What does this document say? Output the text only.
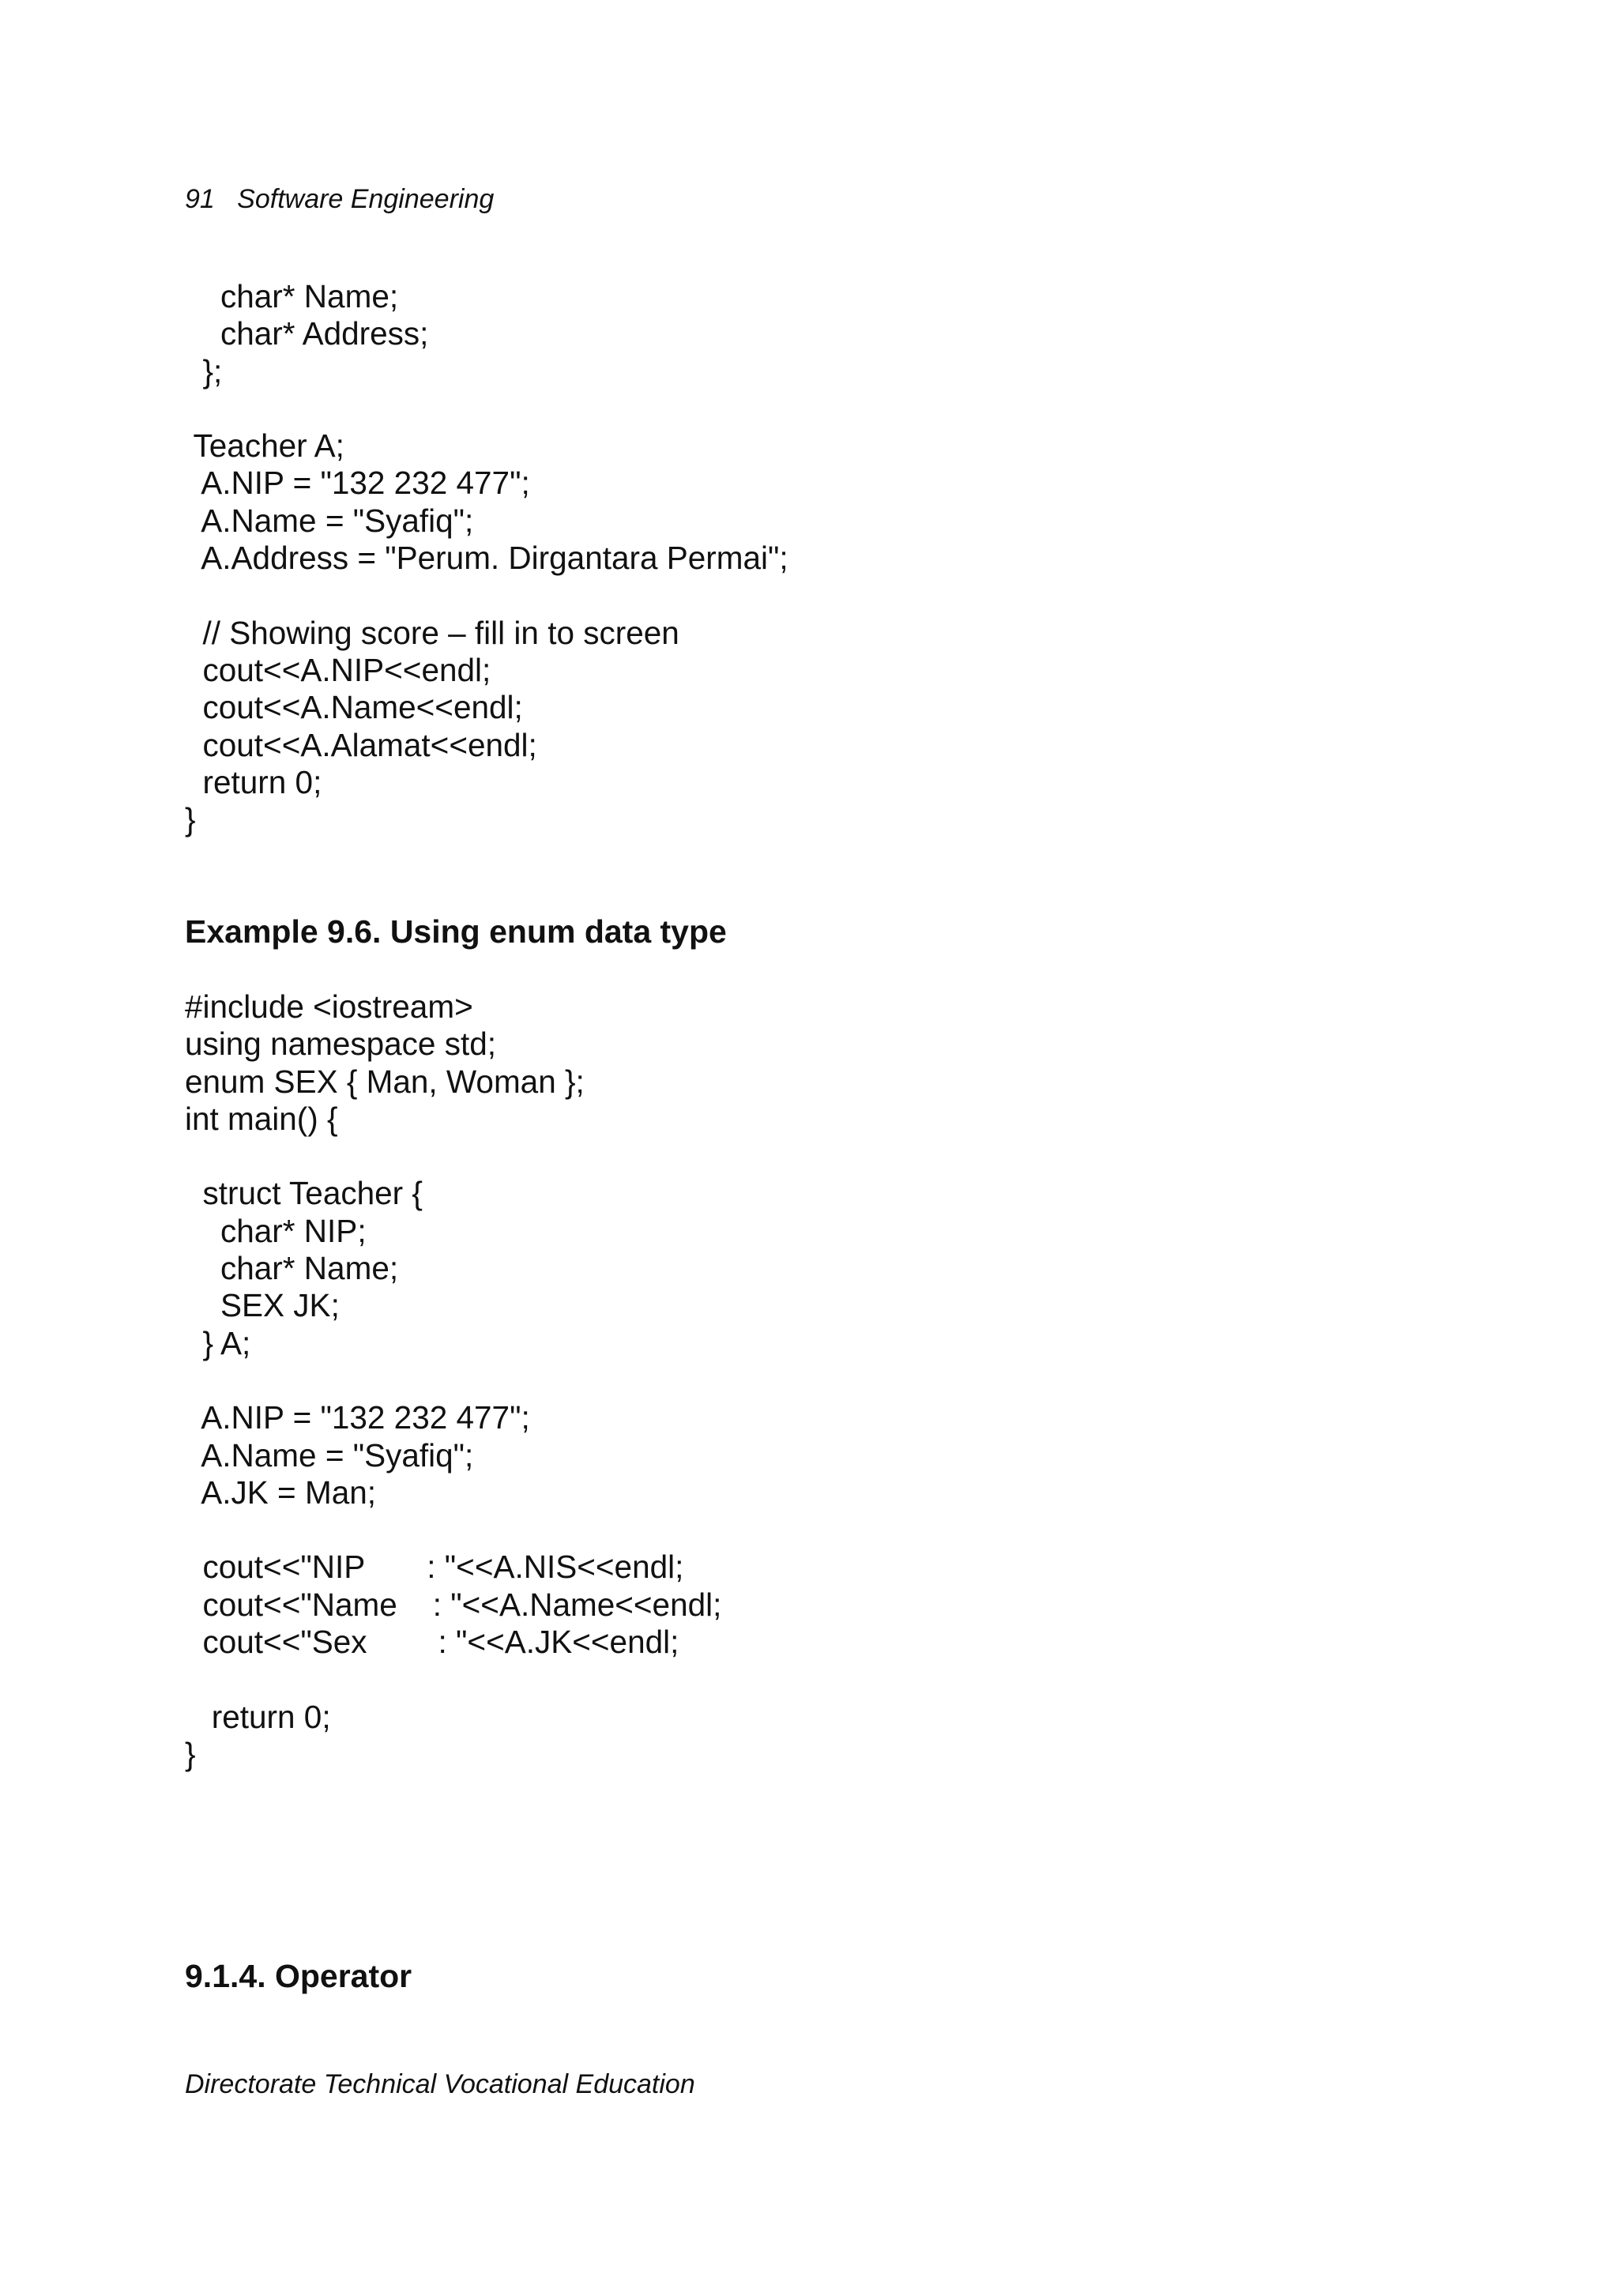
91 Software Engineering
char* Name;
char* Address;
};

Teacher A;
A.NIP = "132 232 477";
A.Name = "Syafiq";
A.Address = "Perum. Dirgantara Permai";

// Showing score – fill in to screen
cout<<A.NIP<<endl;
cout<<A.Name<<endl;
cout<<A.Alamat<<endl;
return 0;
}
Example 9.6. Using enum data type
#include <iostream>
using namespace std;
enum SEX { Man, Woman };
int main() {

struct Teacher {
char* NIP;
char* Name;
SEX JK;
} A;

A.NIP = "132 232 477";
A.Name = "Syafiq";
A.JK = Man;

cout<<"NIP       : "<<A.NIS<<endl;
cout<<"Name    : "<<A.Name<<endl;
cout<<"Sex        : "<<A.JK<<endl;

return 0;
}
9.1.4. Operator
Directorate Technical Vocational Education
